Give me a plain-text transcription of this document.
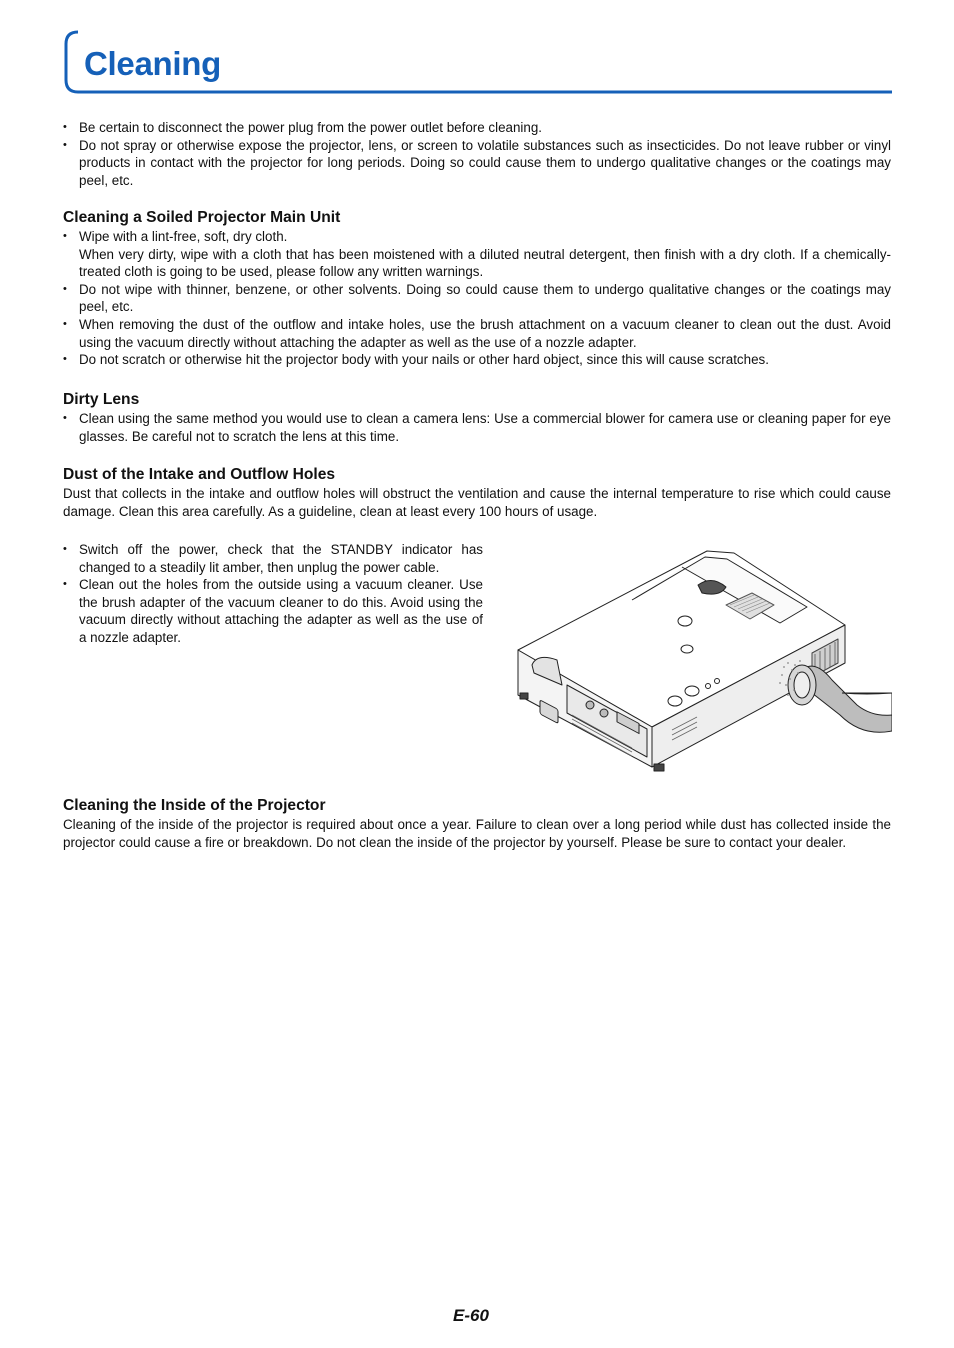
Cleaning
• Be certain to disconnect the power plug from the power outlet before cleaning.
• Do not spray or otherwise expose the projector, lens, or screen to volatile substances such as insecticides. Do not leave rubber or vinyl products in contact with the projector for long periods. Doing so could cause them to undergo qualitative changes or the coatings may peel, etc.
Cleaning a Soiled Projector Main Unit
• Wipe with a lint-free, soft, dry cloth.
When very dirty, wipe with a cloth that has been moistened with a diluted neutral detergent, then finish with a dry cloth. If a chemically-treated cloth is going to be used, please follow any written warnings.
• Do not wipe with thinner, benzene, or other solvents. Doing so could cause them to undergo qualitative changes or the coatings may peel, etc.
• When removing the dust of the outflow and intake holes, use the brush attachment on a vacuum cleaner to clean out the dust. Avoid using the vacuum directly without attaching the adapter as well as the use of a nozzle adapter.
• Do not scratch or otherwise hit the projector body with your nails or other hard object, since this will cause scratches.
Dirty Lens
• Clean using the same method you would use to clean a camera lens: Use a commercial blower for camera use or cleaning paper for eye glasses. Be careful not to scratch the lens at this time.
Dust of the Intake and Outflow Holes

Dust that collects in the intake and outflow holes will obstruct the ventilation and cause the internal temperature to rise which could cause damage. Clean this area carefully. As a guideline, clean at least every 100 hours of usage.

• Switch off the power, check that the STANDBY indicator has changed to a steadily lit amber, then unplug the power cable.
• Clean out the holes from the outside using a vacuum cleaner. Use the brush adapter of the vacuum cleaner to do this. Avoid using the vacuum directly without attaching the adapter as well as the use of a nozzle adapter.
Cleaning the Inside of the Projector

Cleaning of the inside of the projector is required about once a year. Failure to clean over a long period while dust has collected inside the projector could cause a fire or breakdown. Do not clean the inside of the projector by yourself. Please be sure to contact your dealer.

E-60
